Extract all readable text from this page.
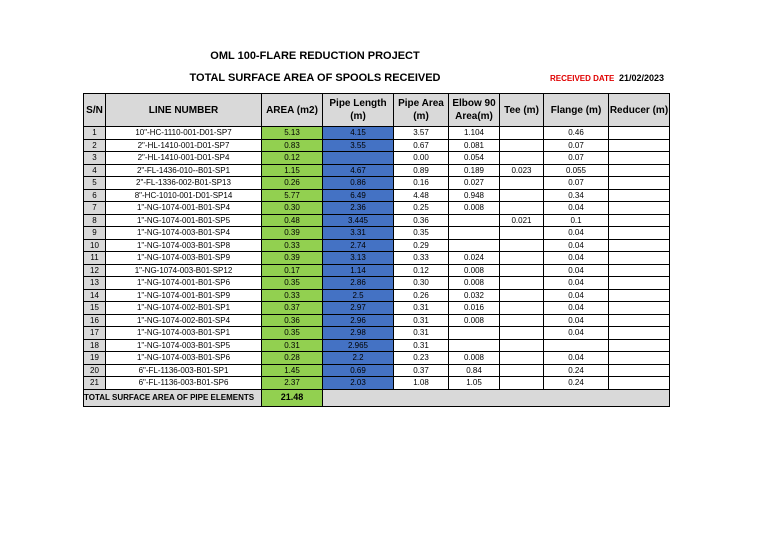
OML 100-FLARE REDUCTION PROJECT
TOTAL SURFACE AREA OF SPOOLS RECEIVED	RECEIVED DATE 21/02/2023
S/N	LINE NUMBER	AREA (m2)	Pipe Length (m)	Pipe Area (m)	Elbow 90 Area(m)	Tee (m)	Flange (m)	Reducer (m)
1	10"-HC-1110-001-D01-SP7	5.13	4.15	3.57	1.104		0.46	
2	2"-HL-1410-001-D01-SP7	0.83	3.55	0.67	0.081		0.07	
3	2"-HL-1410-001-D01-SP4	0.12		0.00	0.054		0.07	
4	2"-FL-1436-010--B01-SP1	1.15	4.67	0.89	0.189	0.023	0.055	
5	2"-FL-1336-002-B01-SP13	0.26	0.86	0.16	0.027		0.07	
6	8"-HC-1010-001-D01-SP14	5.77	6.49	4.48	0.948		0.34	
7	1"-NG-1074-001-B01-SP4	0.30	2.36	0.25	0.008		0.04	
8	1"-NG-1074-001-B01-SP5	0.48	3.445	0.36		0.021	0.1	
9	1"-NG-1074-003-B01-SP4	0.39	3.31	0.35			0.04	
10	1"-NG-1074-003-B01-SP8	0.33	2.74	0.29			0.04	
11	1"-NG-1074-003-B01-SP9	0.39	3.13	0.33	0.024		0.04	
12	1"-NG-1074-003-B01-SP12	0.17	1.14	0.12	0.008		0.04	
13	1"-NG-1074-001-B01-SP6	0.35	2.86	0.30	0.008		0.04	
14	1"-NG-1074-001-B01-SP9	0.33	2.5	0.26	0.032		0.04	
15	1"-NG-1074-002-B01-SP1	0.37	2.97	0.31	0.016		0.04	
16	1"-NG-1074-002-B01-SP4	0.36	2.96	0.31	0.008		0.04	
17	1"-NG-1074-003-B01-SP1	0.35	2.98	0.31			0.04	
18	1"-NG-1074-003-B01-SP5	0.31	2.965	0.31				
19	1"-NG-1074-003-B01-SP6	0.28	2.2	0.23	0.008		0.04	
20	6"-FL-1136-003-B01-SP1	1.45	0.69	0.37	0.84		0.24	
21	6"-FL-1136-003-B01-SP6	2.37	2.03	1.08	1.05		0.24	
TOTAL SURFACE AREA OF PIPE ELEMENTS		21.48						
